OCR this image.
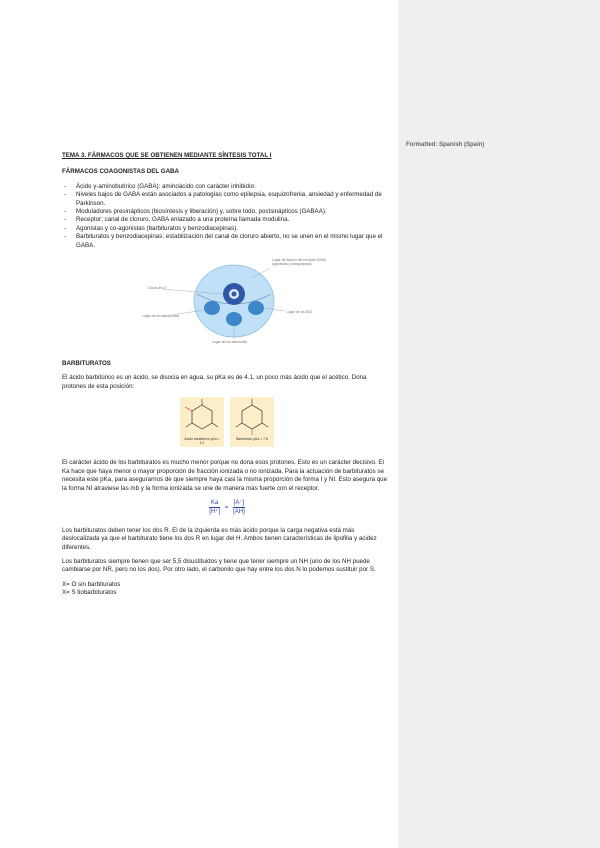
Formatted: Spanish (Spain)
TEMA 3. FÁRMACOS QUE SE OBTIENEN MEDIANTE SÍNTESIS TOTAL I
FÁRMACOS COAGONISTAS DEL GABA
- Ácido γ-aminobutírico (GABA): aminoácido con carácter inhibidor.
- Niveles bajos de GABA están asociados a patologías como epilepsia, esquizofrenia, ansiedad y enfermedad de Parkinson.
- Moduladores presinápticos (biosíntesis y liberación) y, sobre todo, postsinápticos (GABAA).
- Receptor: canal de cloruro. GABA enlazado a una proteína llamada modulina.
- Agonistas y co-agonistas (barbituratos y benzodiacepinas).
- Barbituratos y benzodiacepinas: estabilización del canal de cloruro abierto, no se unen en el mismo lugar que el GABA.
Lugar de fijación del receptor GABA (agonistas y antagonistas)
Canal de Cl⁻
Lugar de los barbitúricos
Lugar de las BZD
Lugar de los esteroides
BARBITURATOS

El ácido barbitúrico es un ácido, se disocia en agua, su pKa es de 4.1, un poco más ácido que el acético. Dona protones de esta posición:

Ácido barbitúrico pKa = 4.1
Barbitúrico pKa = 7.6

El carácter ácido de los barbituratos es mucho menor porque no dona esos protones. Esto es un carácter decisivo. El Ka hace que haya menor o mayor proporción de fracción ionizada o no ionizada. Para la actuación de barbituratos se necesita este pKa, para asegurarnos de que siempre haya casi la misma proporción de forma I y NI. Esto asegura que la forma NI atraviese las mb y la forma ionizada se une de manera más fuerte con el receptor.

$\frac{Ka}{[H^+]} = \frac{[A^-]}{[AH]}$

Los barbituratos deben tener los dos R. El de la izquierda es más ácido porque la carga negativa está más deslocalizada ya que el barbiturato tiene los dos R en lugar del H. Ambos tienen características de lipofilia y acidez diferentes.

Los barbituratos siempre tienen que ser 5,5 disustituidos y tiene que tener siempre un NH (uno de los NH puede cambiarse por NR, pero no los dos). Por otro lado, el carbonilo que hay entre los dos N lo podemos sustituir por S.

X= O sin barbituratos
X= S tiobarbituratos
